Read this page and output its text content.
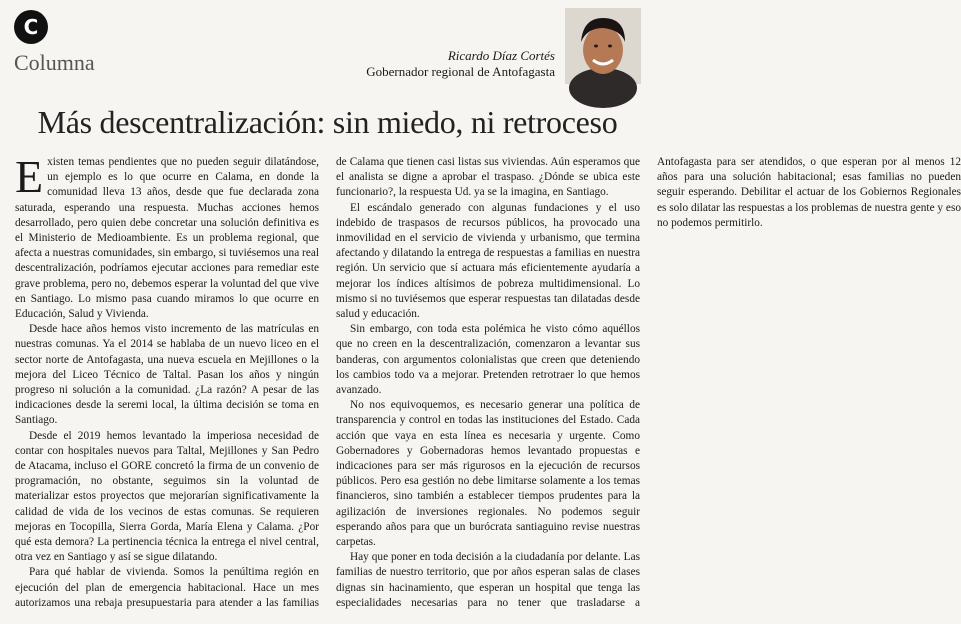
C
Columna	Ricardo Díaz Cortés
Gobernador regional de Antofagasta
Más descentralización: sin miedo, ni retroceso

Existen temas pendientes que no pueden seguir dilatándose, un ejemplo es lo que ocurre en Calama, en donde la comunidad lleva 13 años, desde que fue declarada zona saturada, esperando una respuesta. Muchas acciones hemos desarrollado, pero quien debe concretar una solución definitiva es el Ministerio de Medioambiente. Es un problema regional, que afecta a nuestras comunidades, sin embargo, si tuviésemos una real descentralización, podríamos ejecutar acciones para remediar este grave problema, pero no, debemos esperar la voluntad del que vive en Santiago. Lo mismo pasa cuando miramos lo que ocurre en Educación, Salud y Vivienda.

Desde hace años hemos visto incremento de las matrículas en nuestras comunas. Ya el 2014 se hablaba de un nuevo liceo en el sector norte de Antofagasta, una nueva escuela en Mejillones o la mejora del Liceo Técnico de Taltal. Pasan los años y ningún progreso ni solución a la comunidad. ¿La razón? A pesar de las indicaciones desde la seremi local, la última decisión se toma en Santiago.

Desde el 2019 hemos levantado la imperiosa necesidad de contar con hospitales nuevos para Taltal, Mejillones y San Pedro de Atacama, incluso el GORE concretó la firma de un convenio de programación, no obstante, seguimos sin la voluntad de materializar estos proyectos que mejorarían significativamente la calidad de vida de los vecinos de estas comunas. Se requieren mejoras en Tocopilla, Sierra Gorda, María Elena y Calama. ¿Por qué esta demora? La pertinencia técnica la entrega el nivel central, otra vez en Santiago y así se sigue dilatando.

Para qué hablar de vivienda. Somos la penúltima región en ejecución del plan de emergencia habitacional. Hace un mes autorizamos una rebaja presupuestaria para atender a las familias de Calama que tienen casi listas sus viviendas. Aún esperamos que el analista se digne a aprobar el traspaso. ¿Dónde se ubica este funcionario?, la respuesta Ud. ya se la imagina, en Santiago.

El escándalo generado con algunas fundaciones y el uso indebido de traspasos de recursos públicos, ha provocado una inmovilidad en el servicio de vivienda y urbanismo, que termina afectando y dilatando la entrega de respuestas a familias en nuestra región. Un servicio que sí actuara más eficientemente ayudaría a mejorar los índices altísimos de pobreza multidimensional. Lo mismo si no tuviésemos que esperar respuestas tan dilatadas desde salud y educación.

Sin embargo, con toda esta polémica he visto cómo aquéllos que no creen en la descentralización, comenzaron a levantar sus banderas, con argumentos colonialistas que creen que deteniendo los cambios todo va a mejorar. Pretenden retrotraer lo que hemos avanzado.

No nos equivoquemos, es necesario generar una política de transparencia y control en todas las instituciones del Estado. Cada acción que vaya en esta línea es necesaria y urgente. Como Gobernadores y Gobernadoras hemos levantado propuestas e indicaciones para ser más rigurosos en la ejecución de recursos públicos. Pero esa gestión no debe limitarse solamente a los temas financieros, sino también a establecer tiempos prudentes para la agilización de inversiones regionales. No podemos seguir esperando años para que un burócrata santiaguino revise nuestras carpetas.

Hay que poner en toda decisión a la ciudadanía por delante. Las familias de nuestro territorio, que por años esperan salas de clases dignas sin hacinamiento, que esperan un hospital que tenga las especialidades necesarias para no tener que trasladarse a Antofagasta para ser atendidos, o que esperan por al menos 12 años para una solución habitacional; esas familias no pueden seguir esperando. Debilitar el actuar de los Gobiernos Regionales es solo dilatar las respuestas a los problemas de nuestra gente y eso no podemos permitirlo.
